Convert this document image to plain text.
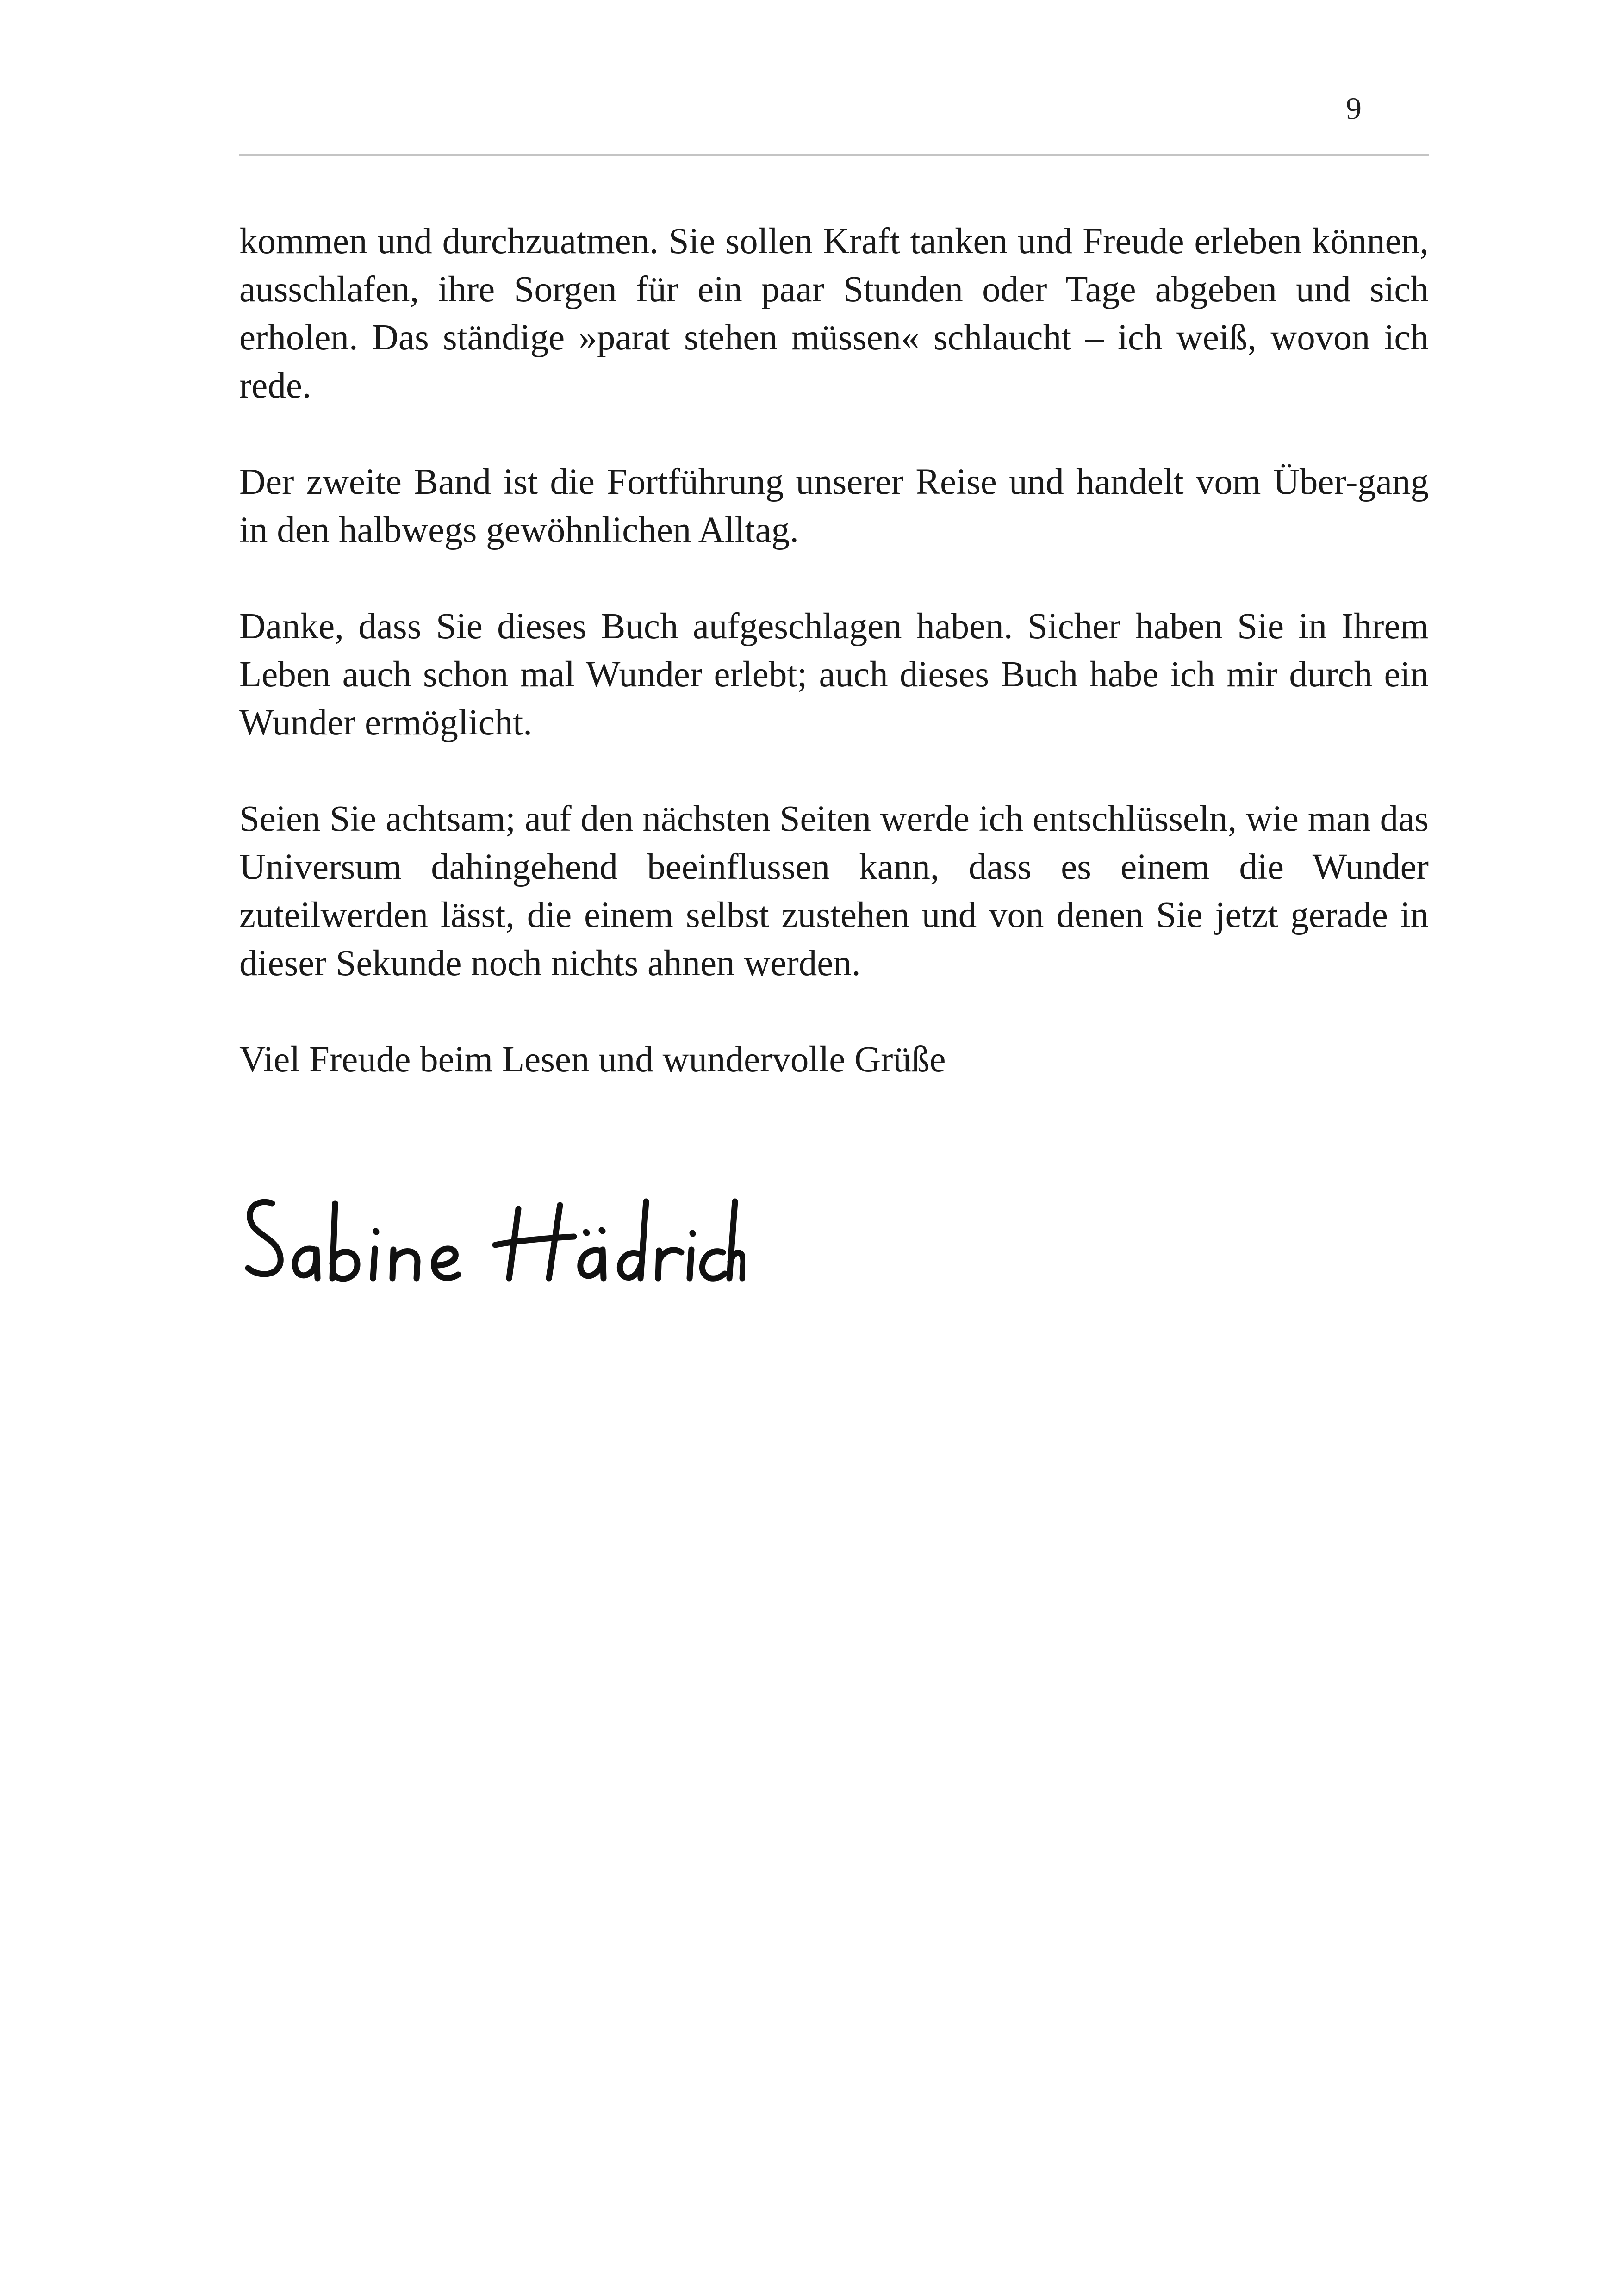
9

kommen und durchzuatmen. Sie sollen Kraft tanken und Freude erleben können, ausschlafen, ihre Sorgen für ein paar Stunden oder Tage abgeben und sich erholen. Das ständige »parat stehen müssen« schlaucht – ich weiß, wovon ich rede.

Der zweite Band ist die Fortführung unserer Reise und handelt vom Über-gang in den halbwegs gewöhnlichen Alltag.

Danke, dass Sie dieses Buch aufgeschlagen haben. Sicher haben Sie in Ihrem Leben auch schon mal Wunder erlebt; auch dieses Buch habe ich mir durch ein Wunder ermöglicht.

Seien Sie achtsam; auf den nächsten Seiten werde ich entschlüsseln, wie man das Universum dahingehend beeinflussen kann, dass es einem die Wunder zuteilwerden lässt, die einem selbst zustehen und von denen Sie jetzt gerade in dieser Sekunde noch nichts ahnen werden.

Viel Freude beim Lesen und wundervolle Grüße
